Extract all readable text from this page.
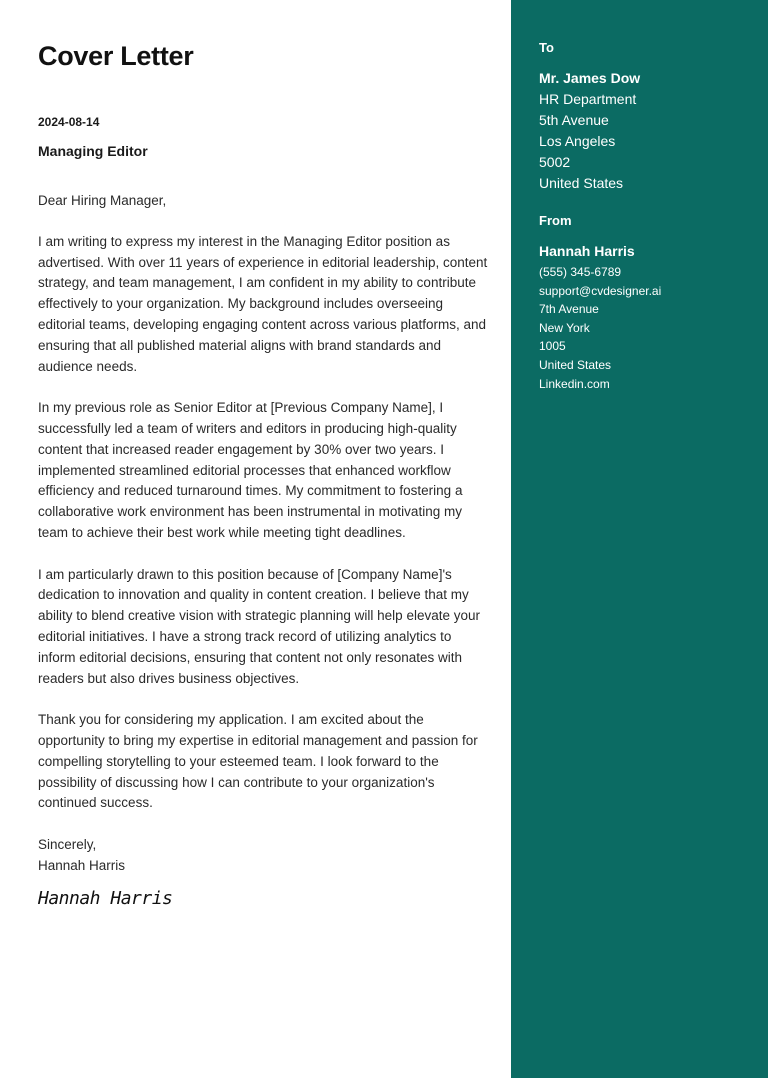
Cover Letter
2024-08-14
Managing Editor

Dear Hiring Manager,

I am writing to express my interest in the Managing Editor position as advertised. With over 11 years of experience in editorial leadership, content strategy, and team management, I am confident in my ability to contribute effectively to your organization. My background includes overseeing editorial teams, developing engaging content across various platforms, and ensuring that all published material aligns with brand standards and audience needs.

In my previous role as Senior Editor at [Previous Company Name], I successfully led a team of writers and editors in producing high-quality content that increased reader engagement by 30% over two years. I implemented streamlined editorial processes that enhanced workflow efficiency and reduced turnaround times. My commitment to fostering a collaborative work environment has been instrumental in motivating my team to achieve their best work while meeting tight deadlines.

I am particularly drawn to this position because of [Company Name]'s dedication to innovation and quality in content creation. I believe that my ability to blend creative vision with strategic planning will help elevate your editorial initiatives. I have a strong track record of utilizing analytics to inform editorial decisions, ensuring that content not only resonates with readers but also drives business objectives.

Thank you for considering my application. I am excited about the opportunity to bring my expertise in editorial management and passion for compelling storytelling to your esteemed team. I look forward to the possibility of discussing how I can contribute to your organization's continued success.

Sincerely,

Hannah Harris

Hannah Harris
To
Mr. James Dow
HR Department
5th Avenue
Los Angeles
5002
United States
From
Hannah Harris
(555) 345-6789
support@cvdesigner.ai
7th Avenue
New York
1005
United States
Linkedin.com
